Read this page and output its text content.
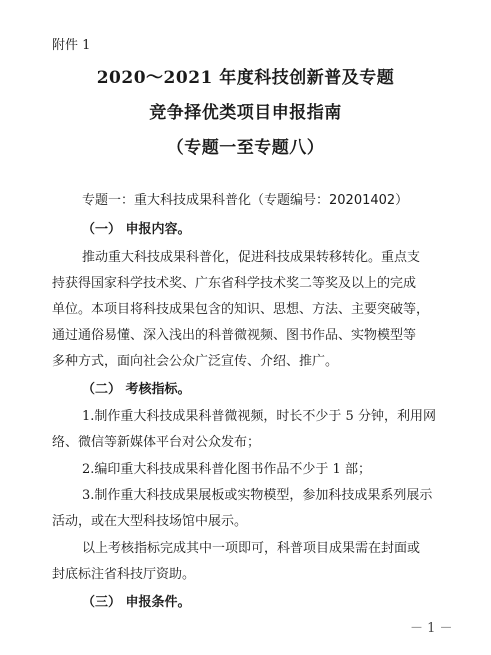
附件 1
2020～2021 年度科技创新普及专题
竞争择优类项目申报指南
（专题一至专题八）
专题一：重大科技成果科普化（专题编号：20201402）
（一） 申报内容。
推动重大科技成果科普化，促进科技成果转移转化。重点支
持获得国家科学技术奖、广东省科学技术奖二等奖及以上的完成
单位。本项目将科技成果包含的知识、思想、方法、主要突破等，
通过通俗易懂、深入浅出的科普微视频、图书作品、实物模型等
多种方式，面向社会公众广泛宣传、介绍、推广。
（二） 考核指标。
1.制作重大科技成果科普微视频，时长不少于 5 分钟，利用网
络、微信等新媒体平台对公众发布；
2.编印重大科技成果科普化图书作品不少于 1 部；
3.制作重大科技成果展板或实物模型，参加科技成果系列展示
活动，或在大型科技场馆中展示。
以上考核指标完成其中一项即可，科普项目成果需在封面或
封底标注省科技厅资助。
（三） 申报条件。
－ 1 －
